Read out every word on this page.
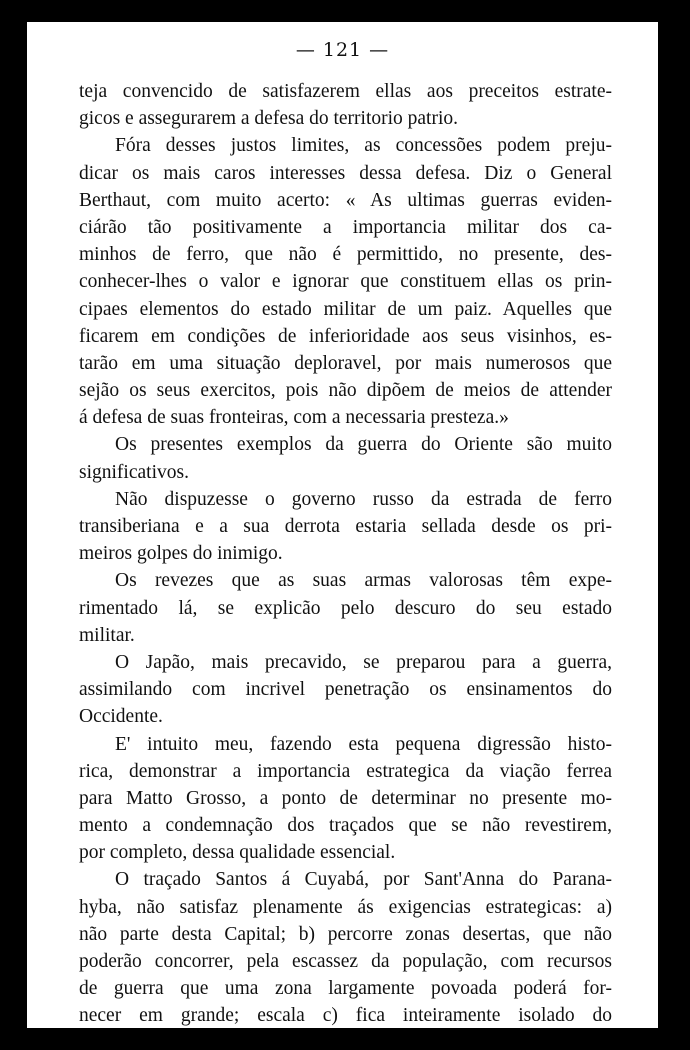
— 121 —
teja convencido de satisfazerem ellas aos preceitos estrate-
gicos e assegurarem a defesa do territorio patrio.
Fóra desses justos limites, as concessões podem preju-
dicar os mais caros interesses dessa defesa. Diz o General
Berthaut, com muito acerto: « As ultimas guerras eviden-
ciárão tão positivamente a importancia militar dos ca-
minhos de ferro, que não é permittido, no presente, des-
conhecer-lhes o valor e ignorar que constituem ellas os prin-
cipaes elementos do estado militar de um paiz. Aquelles que
ficarem em condições de inferioridade aos seus visinhos, es-
tarão em uma situação deploravel, por mais numerosos que
sejão os seus exercitos, pois não dipõem de meios de attender
á defesa de suas fronteiras, com a necessaria presteza.»
Os presentes exemplos da guerra do Oriente são muito
significativos.
Não dispuzesse o governo russo da estrada de ferro
transiberiana e a sua derrota estaria sellada desde os pri-
meiros golpes do inimigo.
Os revezes que as suas armas valorosas têm expe-
rimentado lá, se explicão pelo descuro do seu estado
militar.
O Japão, mais precavido, se preparou para a guerra,
assimilando com incrivel penetração os ensinamentos do
Occidente.
E' intuito meu, fazendo esta pequena digressão histo-
rica, demonstrar a importancia estrategica da viação ferrea
para Matto Grosso, a ponto de determinar no presente mo-
mento a condemnação dos traçados que se não revestirem,
por completo, dessa qualidade essencial.
O traçado Santos á Cuyabá, por Sant'Anna do Parana-
hyba, não satisfaz plenamente ás exigencias estrategicas: a)
não parte desta Capital; b) percorre zonas desertas, que não
poderão concorrer, pela escassez da população, com recursos
de guerra que uma zona largamente povoada poderá for-
necer em grande; escala c) fica inteiramente isolado do
